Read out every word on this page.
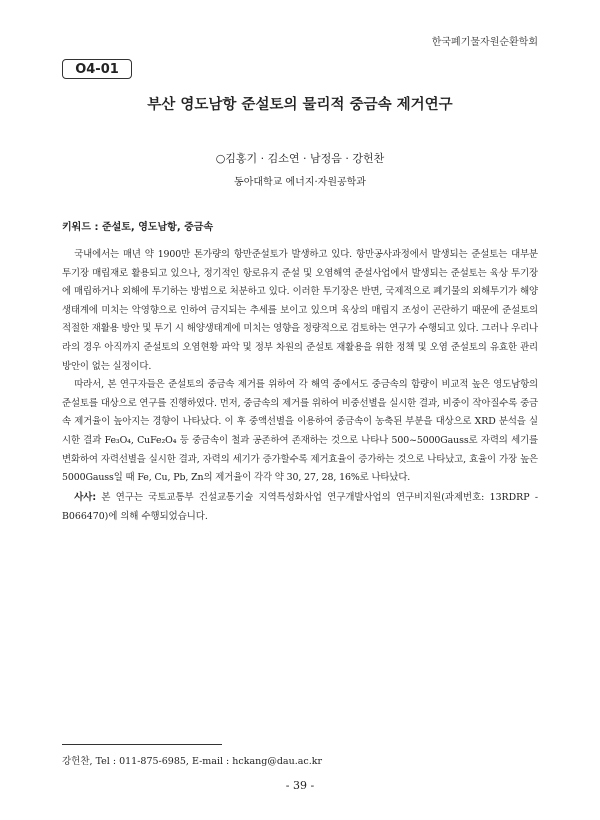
한국폐기물자원순환학회
O4-01
부산 영도남항 준설토의 물리적 중금속 제거연구
○김홍기 · 김소연 · 남정음 · 강헌찬
동아대학교 에너지·자원공학과
키워드 : 준설토, 영도남항, 중금속

국내에서는 매년 약 1900만 톤가량의 항만준설토가 발생하고 있다. 항만공사과정에서 발생되는 준설토는 대부분 투기장 매립재로 활용되고 있으나, 정기적인 항로유지 준설 및 오염해역 준설사업에서 발생되는 준설토는 육상 투기장에 매립하거나 외해에 투기하는 방법으로 처분하고 있다. 이러한 투기장은 반면, 국제적으로 폐기물의 외해투기가 해양생태계에 미치는 악영향으로 인하여 금지되는 추세를 보이고 있으며 육상의 매립지 조성이 곤란하기 때문에 준설토의 적절한 재활용 방안 및 투기 시 해양생태계에 미치는 영향을 정량적으로 검토하는 연구가 수행되고 있다. 그러나 우리나라의 경우 아직까지 준설토의 오염현황 파악 및 정부 차원의 준설토 재활용을 위한 정책 및 오염 준설토의 유효한 관리 방안이 없는 실정이다.

따라서, 본 연구자들은 준설토의 중금속 제거를 위하여 각 해역 중에서도 중금속의 함량이 비교적 높은 영도남항의 준설토를 대상으로 연구를 진행하였다. 먼저, 중금속의 제거를 위하여 비중선별을 실시한 결과, 비중이 작아질수록 중금속 제거율이 높아지는 경향이 나타났다. 이 후 중액선별을 이용하여 중금속이 농축된 부분을 대상으로 XRD 분석을 실시한 결과 Fe₃O₄, CuFe₂O₄ 등 중금속이 철과 공존하여 존재하는 것으로 나타나 500~5000Gauss로 자력의 세기를 변화하여 자력선별을 실시한 결과, 자력의 세기가 증가할수록 제거효율이 증가하는 것으로 나타났고, 효율이 가장 높은 5000Gauss일 때 Fe, Cu, Pb, Zn의 제거율이 각각 약 30, 27, 28, 16%로 나타났다.

사사: 본 연구는 국토교통부 건설교통기술 지역특성화사업 연구개발사업의 연구비지원(과제번호: 13RDRP - B066470)에 의해 수행되었습니다.
강헌찬, Tel : 011-875-6985, E-mail : hckang@dau.ac.kr
- 39 -
